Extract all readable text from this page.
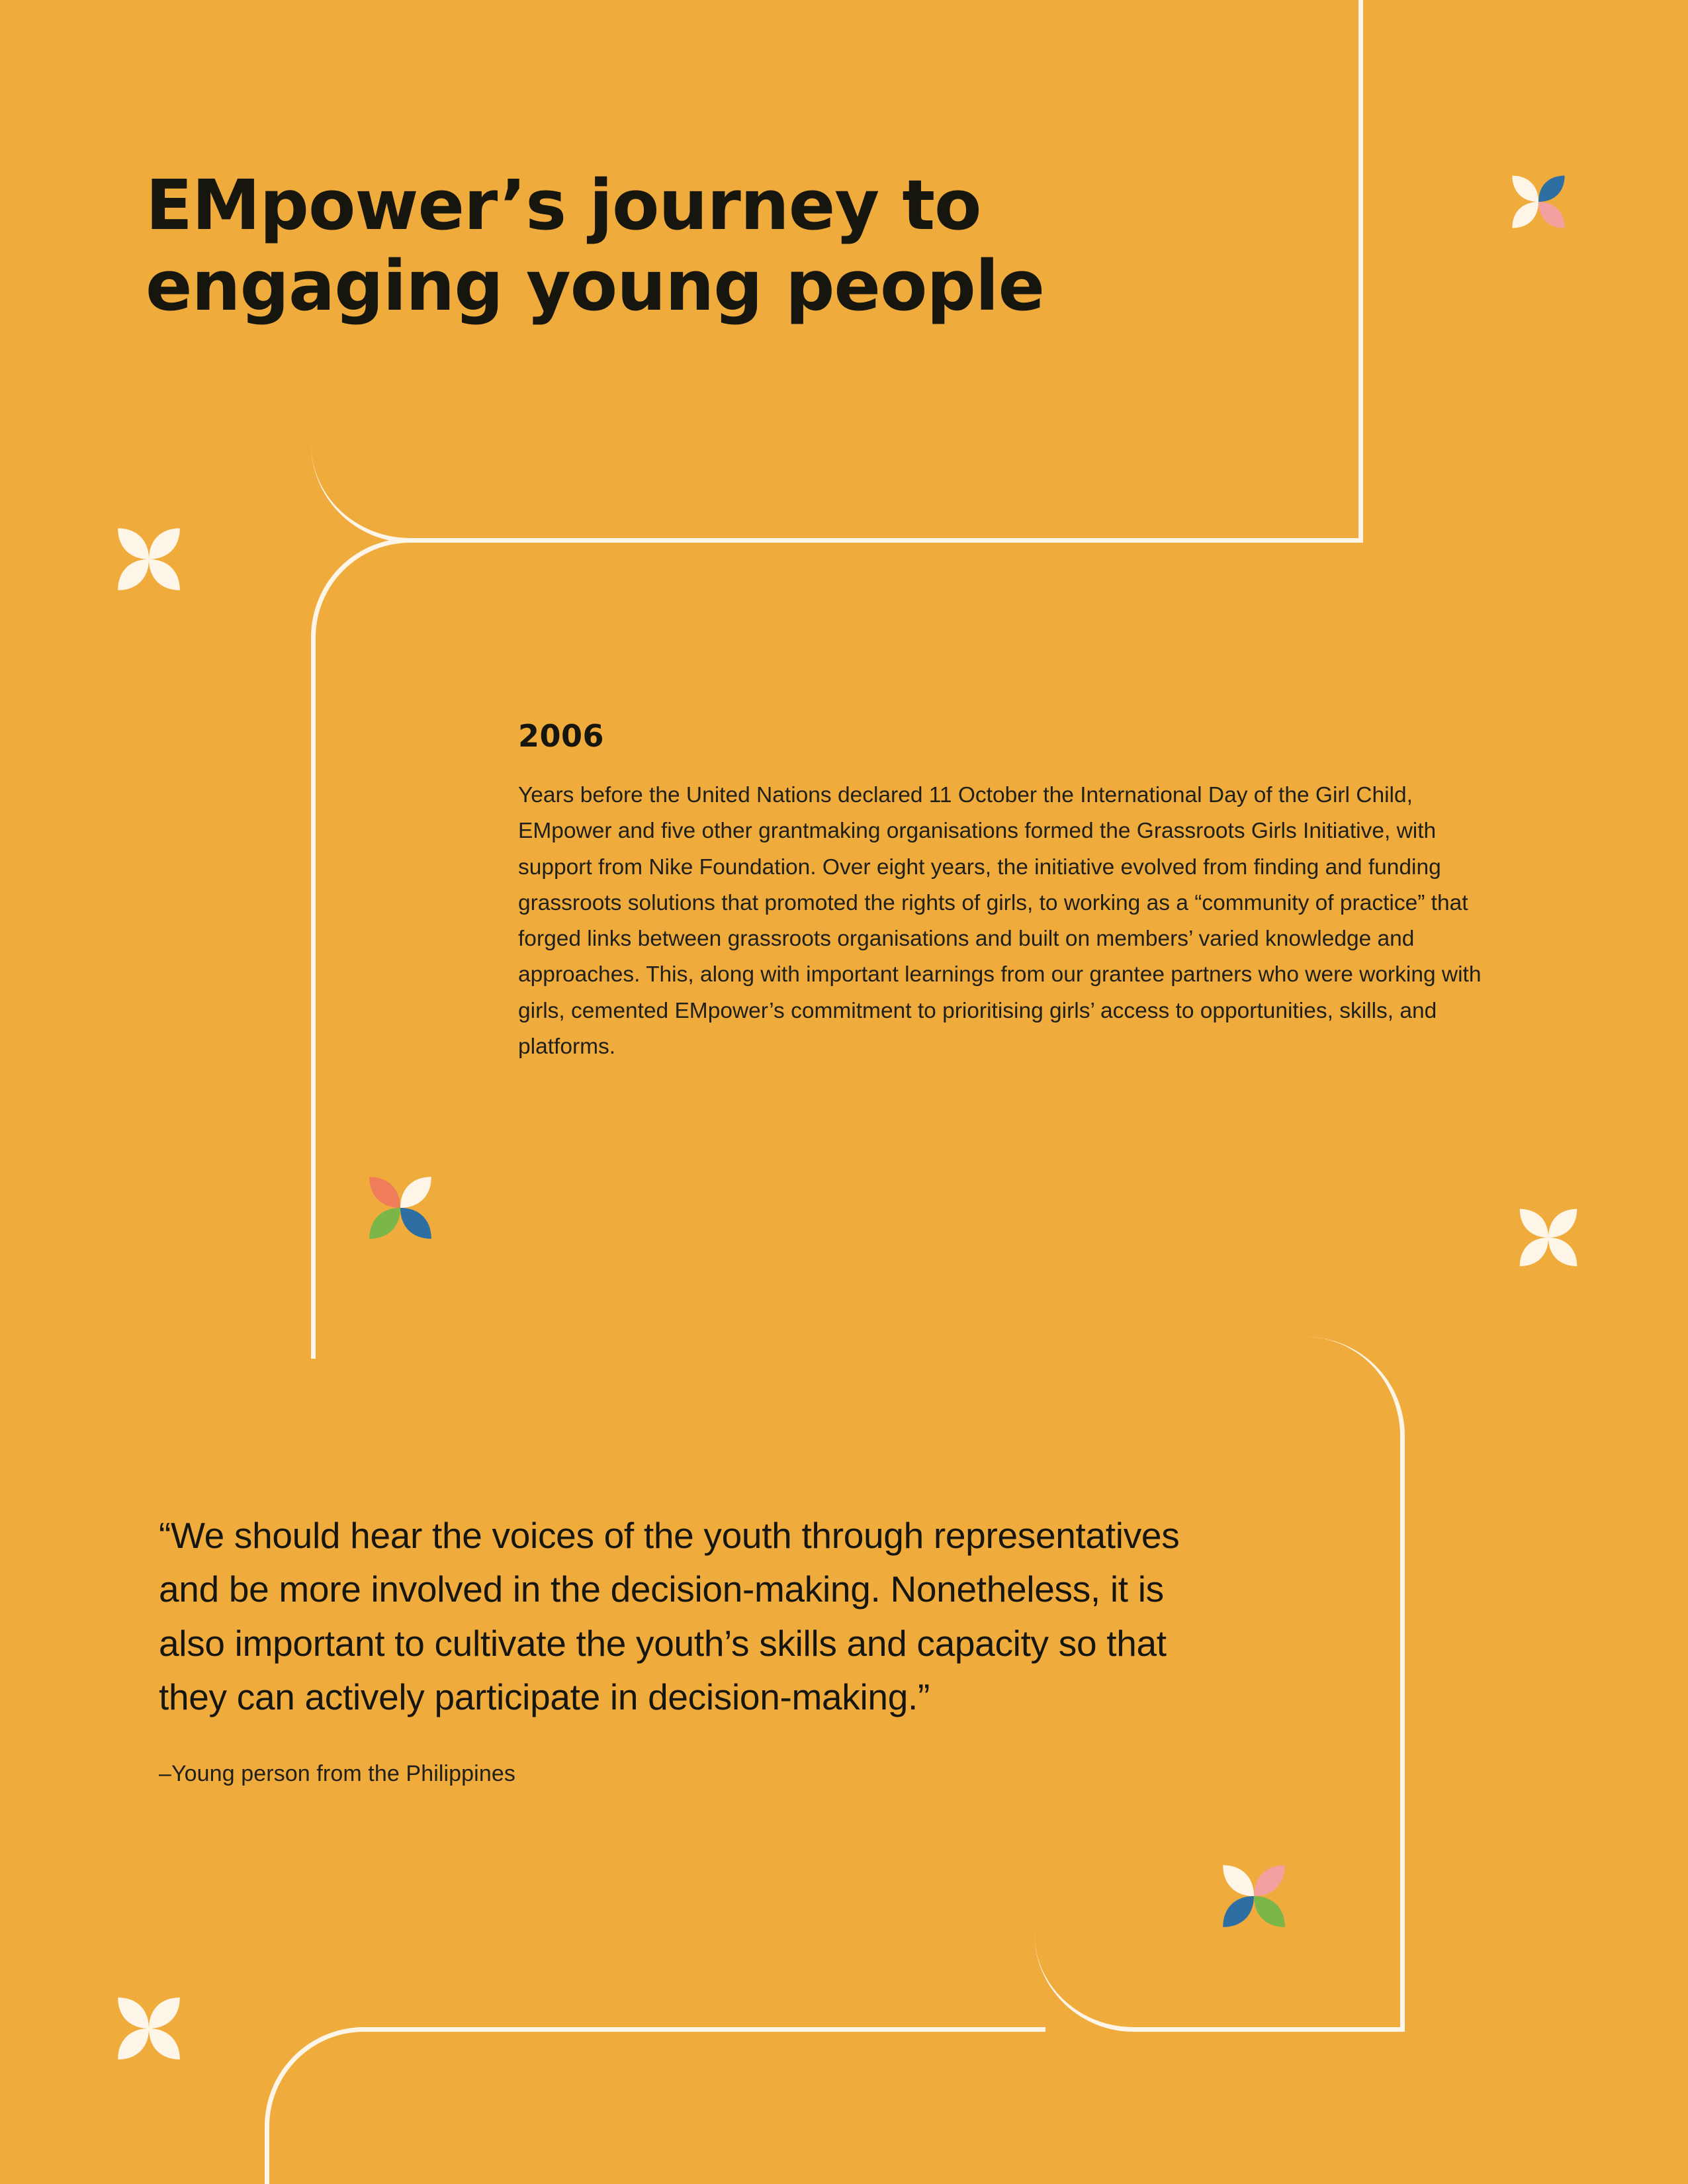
EMpower’s journey to
engaging young people
2006
Years before the United Nations declared 11 October the International Day of the Girl Child, EMpower and five other grantmaking organisations formed the Grassroots Girls Initiative, with support from Nike Foundation. Over eight years, the initiative evolved from finding and funding grassroots solutions that promoted the rights of girls, to working as a “community of practice” that forged links between grassroots organisations and built on members’ varied knowledge and approaches. This, along with important learnings from our grantee partners who were working with girls, cemented EMpower’s commitment to prioritising girls’ access to opportunities, skills, and platforms.
“We should hear the voices of the youth through representatives and be more involved in the decision-making. Nonetheless, it is also important to cultivate the youth’s skills and capacity so that they can actively participate in decision-making.”
–Young person from the Philippines
